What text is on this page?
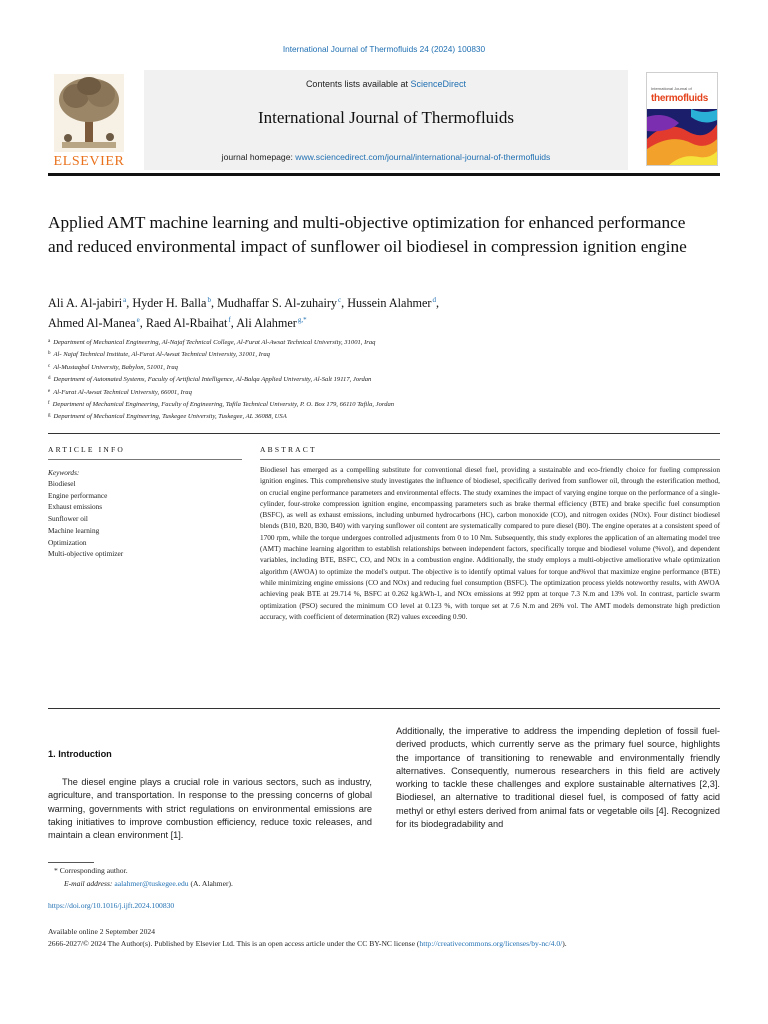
International Journal of Thermofluids 24 (2024) 100830
ELSEVIER
Contents lists available at ScienceDirect
International Journal of Thermofluids
journal homepage: www.sciencedirect.com/journal/international-journal-of-thermofluids
International Journal of
thermofluids
Applied AMT machine learning and multi-objective optimization for enhanced performance and reduced environmental impact of sunflower oil biodiesel in compression ignition engine
Ali A. Al-jabiri$^a$, Hyder H. Balla$^b$, Mudhaffar S. Al-zuhairy$^c$, Hussein Alahmer$^d$,
Ahmed Al-Manea$^e$, Raed Al-Rbaihat$^f$, Ali Alahmer$^{g,*}$
$^a$ Department of Mechanical Engineering, Al-Najaf Technical College, Al-Furat Al-Awsat Technical University, 31001, Iraq
$^b$ Al- Najaf Technical Institute, Al-Furat Al-Awsat Technical University, 31001, Iraq
$^c$ Al-Mustaqbal University, Babylon, 51001, Iraq
$^d$ Department of Automated Systems, Faculty of Artificial Intelligence, Al-Balqa Applied University, Al-Salt 19117, Jordan
$^e$ Al-Furat Al-Awsat Technical University, 66001, Iraq
$^f$ Department of Mechanical Engineering, Faculty of Engineering, Tafila Technical University, P. O. Box 179, 66110 Tafila, Jordan
$^g$ Department of Mechanical Engineering, Tuskegee University, Tuskegee, AL 36088, USA
ARTICLE INFO
Keywords:
Biodiesel
Engine performance
Exhaust emissions
Sunflower oil
Machine learning
Optimization
Multi-objective optimizer
ABSTRACT
Biodiesel has emerged as a compelling substitute for conventional diesel fuel, providing a sustainable and eco-friendly choice for fueling compression ignition engines. This comprehensive study investigates the influence of biodiesel, specifically derived from sunflower oil, through the esterification method, on crucial engine performance parameters and environmental effects. The study examines the impact of varying engine torque on the performance of a single-cylinder, four-stroke compression ignition engine, encompassing parameters such as brake thermal efficiency (BTE) and brake specific fuel consumption (BSFC), as well as exhaust emissions, including unburned hydrocarbons (HC), carbon monoxide (CO), and nitrogen oxides (NOx). Four distinct biodiesel blends (B10, B20, B30, B40) with varying sunflower oil content are systematically compared to pure diesel (B0). The engine operates at a consistent speed of 1700 rpm, while the torque undergoes controlled adjustments from 0 to 10 Nm. Subsequently, this study explores the application of an alternating model tree (AMT) machine learning algorithm to establish relationships between independent factors, specifically torque and biodiesel volume (%vol), and dependent variables, including BTE, BSFC, CO, and NOx in a combustion engine. Additionally, the study employs a multi-objective ameliorative whale optimization algorithm (AWOA) to optimize the model's output. The objective is to identify optimal values for torque and%vol that maximize engine performance (BTE) while minimizing engine emissions (CO and NOx) and reducing fuel consumption (BSFC). The optimization process yields noteworthy results, with AWOA achieving peak BTE at 29.714 %, BSFC at 0.262 kg.kWh-1, and NOx emissions at 992 ppm at torque 7.3 N.m and 13% vol. In contrast, particle swarm optimization (PSO) secured the minimum CO level at 0.123 %, with torque set at 7.6 N.m and 26% vol. The AMT models demonstrate high prediction accuracy, with coefficient of determination (R2) values exceeding 0.90.
1. Introduction
The diesel engine plays a crucial role in various sectors, such as industry, agriculture, and transportation. In response to the pressing concerns of global warming, governments with strict regulations on environmental emissions are taking initiatives to improve combustion efficiency, reduce toxic releases, and maintain a clean environment [1].
Additionally, the imperative to address the impending depletion of fossil fuel-derived products, which currently serve as the primary fuel source, highlights the importance of transitioning to renewable and environmentally friendly alternatives. Consequently, numerous researchers in this field are actively working to tackle these challenges and explore sustainable alternatives [2,3]. Biodiesel, an alternative to traditional diesel fuel, is composed of fatty acid methyl or ethyl esters derived from animal fats or vegetable oils [4]. Recognized for its biodegradability and
* Corresponding author.
E-mail address: aalahmer@tuskegee.edu (A. Alahmer).
https://doi.org/10.1016/j.ijft.2024.100830
Available online 2 September 2024
2666-2027/© 2024 The Author(s). Published by Elsevier Ltd. This is an open access article under the CC BY-NC license (http://creativecommons.org/licenses/by-nc/4.0/).
